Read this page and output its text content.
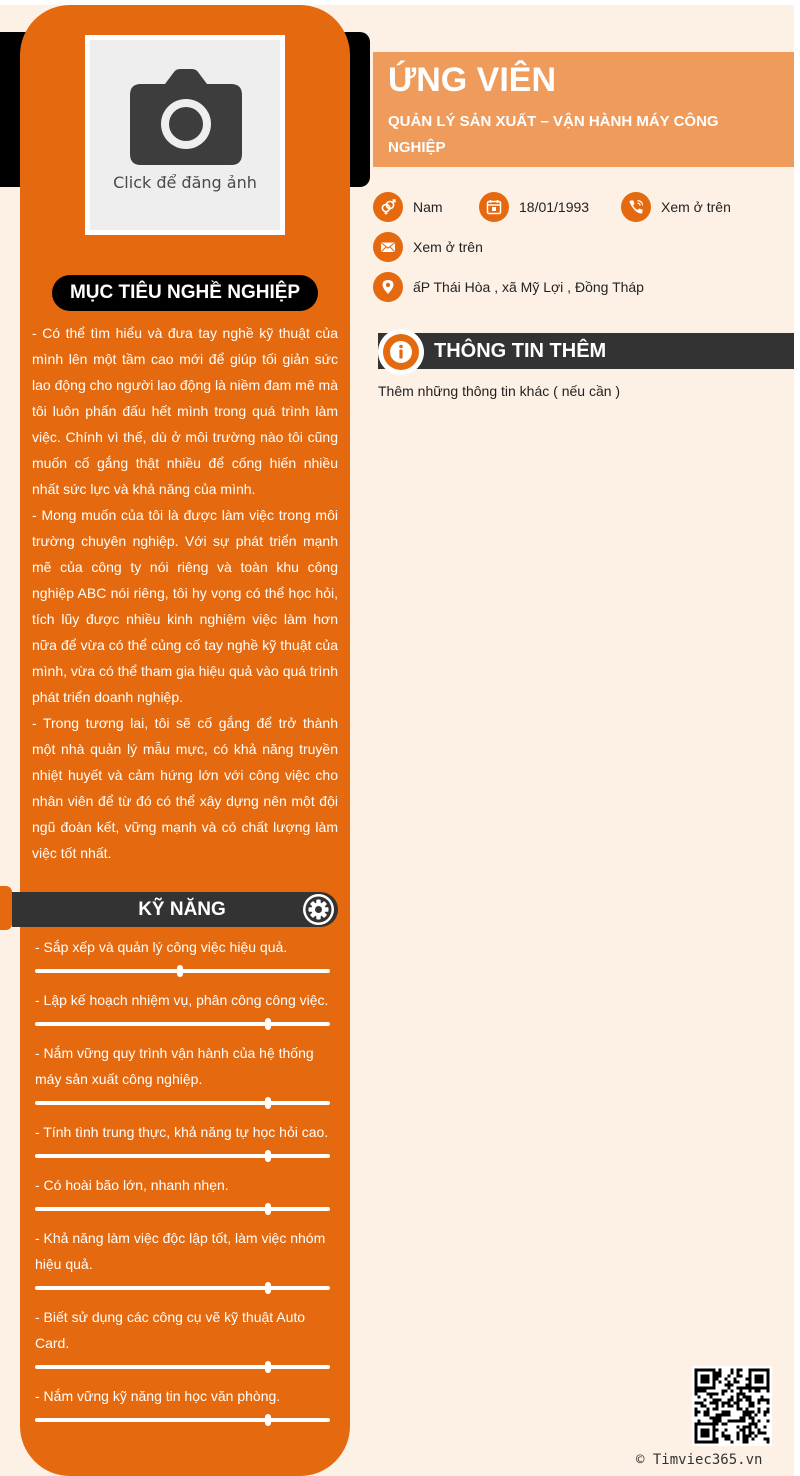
Click để đăng ảnh
MỤC TIÊU NGHỀ NGHIỆP

- Có thể tìm hiểu và đưa tay nghề kỹ thuật của mình lên một tầm cao mới để giúp tối giản sức lao động cho người lao động là niềm đam mê mà tôi luôn phấn đấu hết mình trong quá trình làm việc. Chính vì thế, dù ở môi trường nào tôi cũng muốn cố gắng thật nhiều để cống hiến nhiều nhất sức lực và khả năng của mình.

- Mong muốn của tôi là được làm việc trong môi trường chuyên nghiệp. Với sự phát triển mạnh mẽ của công ty nói riêng và toàn khu công nghiệp ABC nói riêng, tôi hy vọng có thể học hỏi, tích lũy được nhiều kinh nghiệm việc làm hơn nữa để vừa có thể củng cố tay nghề kỹ thuật của mình, vừa có thể tham gia hiệu quả vào quá trình phát triển doanh nghiệp.

- Trong tương lai, tôi sẽ cố gắng để trở thành một nhà quản lý mẫu mực, có khả năng truyền nhiệt huyết và cảm hứng lớn với công việc cho nhân viên để từ đó có thể xây dựng nên một đội ngũ đoàn kết, vững mạnh và có chất lượng làm việc tốt nhất.

KỸ NĂNG
- Sắp xếp và quản lý công việc hiệu quả.
- Lập kế hoạch nhiệm vụ, phân công công việc.
- Nắm vững quy trình vận hành của hệ thống máy sản xuất công nghiệp.
- Tính tình trung thực, khả năng tự học hỏi cao.
- Có hoài bão lớn, nhanh nhẹn.
- Khả năng làm việc độc lập tốt, làm việc nhóm hiệu quả.
- Biết sử dụng các công cụ vẽ kỹ thuật Auto Card.
- Nắm vững kỹ năng tin học văn phòng.
ỨNG VIÊN
QUẢN LÝ SẢN XUẤT – VẬN HÀNH MÁY CÔNG NGHIỆP
Nam	18/01/1993	Xem ở trên
Xem ở trên
ấP Thái Hòa , xã Mỹ Lợi , Đồng Tháp
THÔNG TIN THÊM
Thêm những thông tin khác ( nếu cần )
© Timviec365.vn
